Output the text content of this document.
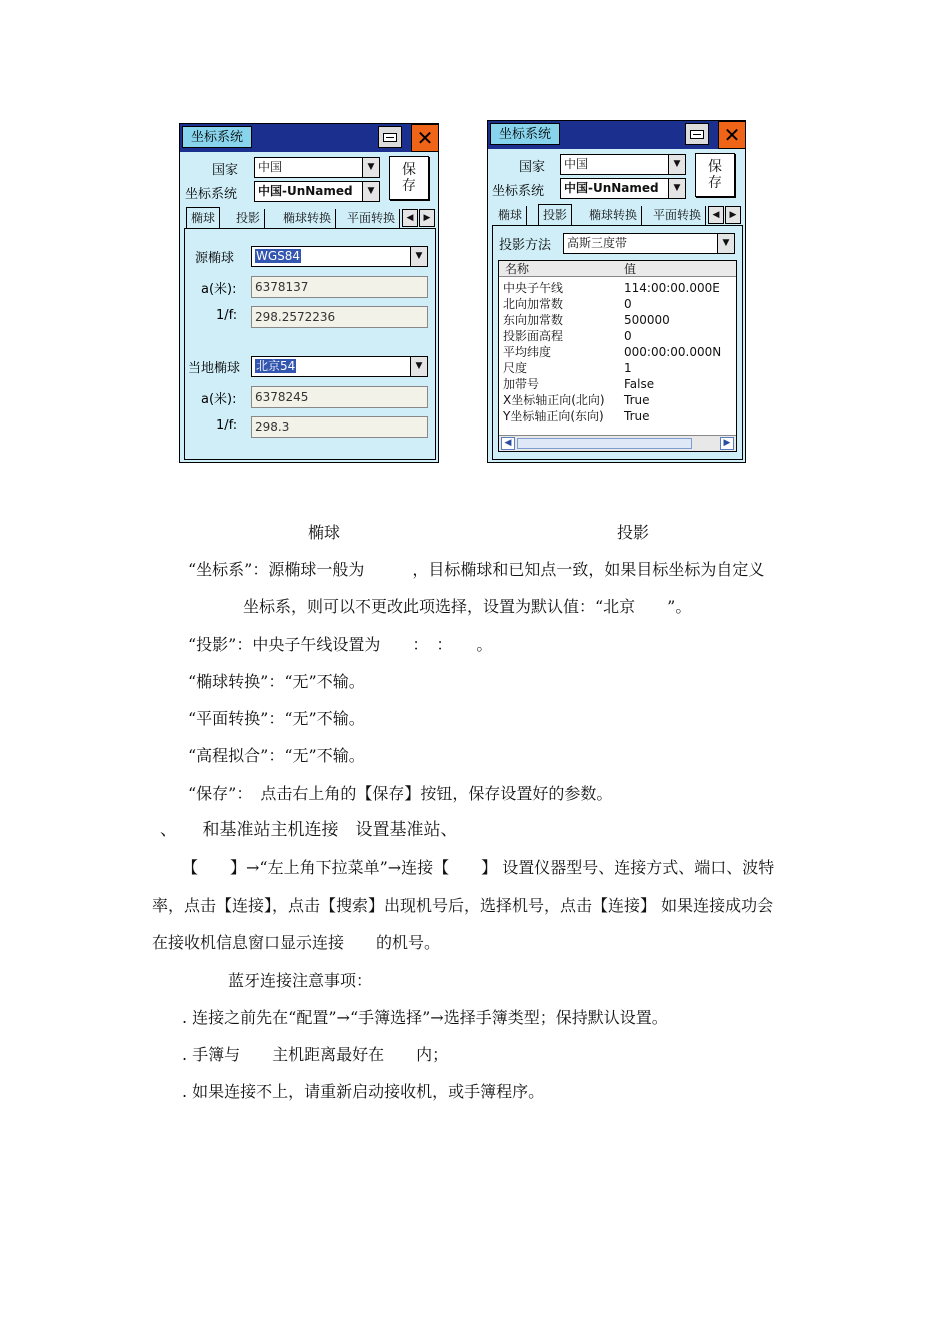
坐标系统	✕
国家	中国	▼
坐标系统	中国-UnNamed	▼
保
存
椭球	投影	椭球转换	平面转换	◀	▶
源椭球	WGS84	▼
a(米):	6378137
1/f:	298.2572236
当地椭球	北京54	▼
a(米):	6378245
1/f:	298.3
坐标系统	✕
国家	中国	▼
坐标系统	中国-UnNamed	▼
保
存
椭球	投影	椭球转换	平面转换	◀	▶
投影方法	高斯三度带	▼
名称	值
中央子午线	114:00:00.000E
北向加常数	0
东向加常数	500000
投影面高程	0
平均纬度	000:00:00.000N
尺度	1
加带号	False
X坐标轴正向(北向) True
Y坐标轴正向(东向) True
◀	▶
椭球	投影
“坐标系”：源椭球一般为　　　，目标椭球和已知点一致，如果目标坐标为自定义
坐标系，则可以不更改此项选择，设置为默认值：“北京　　”。
“投影”：中央子午线设置为　　：　：　　。
“椭球转换”：“无”不输。
“平面转换”：“无”不输。
“高程拟合”：“无”不输。
“保存”：　点击右上角的【保存】按钮，保存设置好的参数。
、　　和基准站主机连接　设置基准站、
【　　】→“左上角下拉菜单”→连接【　　】 设置仪器型号、连接方式、端口、波特
率，点击【连接】，点击【搜索】出现机号后，选择机号，点击【连接】 如果连接成功会
在接收机信息窗口显示连接　　的机号。
蓝牙连接注意事项：
. 连接之前先在“配置”→“手簿选择”→选择手簿类型；保持默认设置。
. 手簿与　　主机距离最好在　　内；
. 如果连接不上，请重新启动接收机，或手簿程序。
